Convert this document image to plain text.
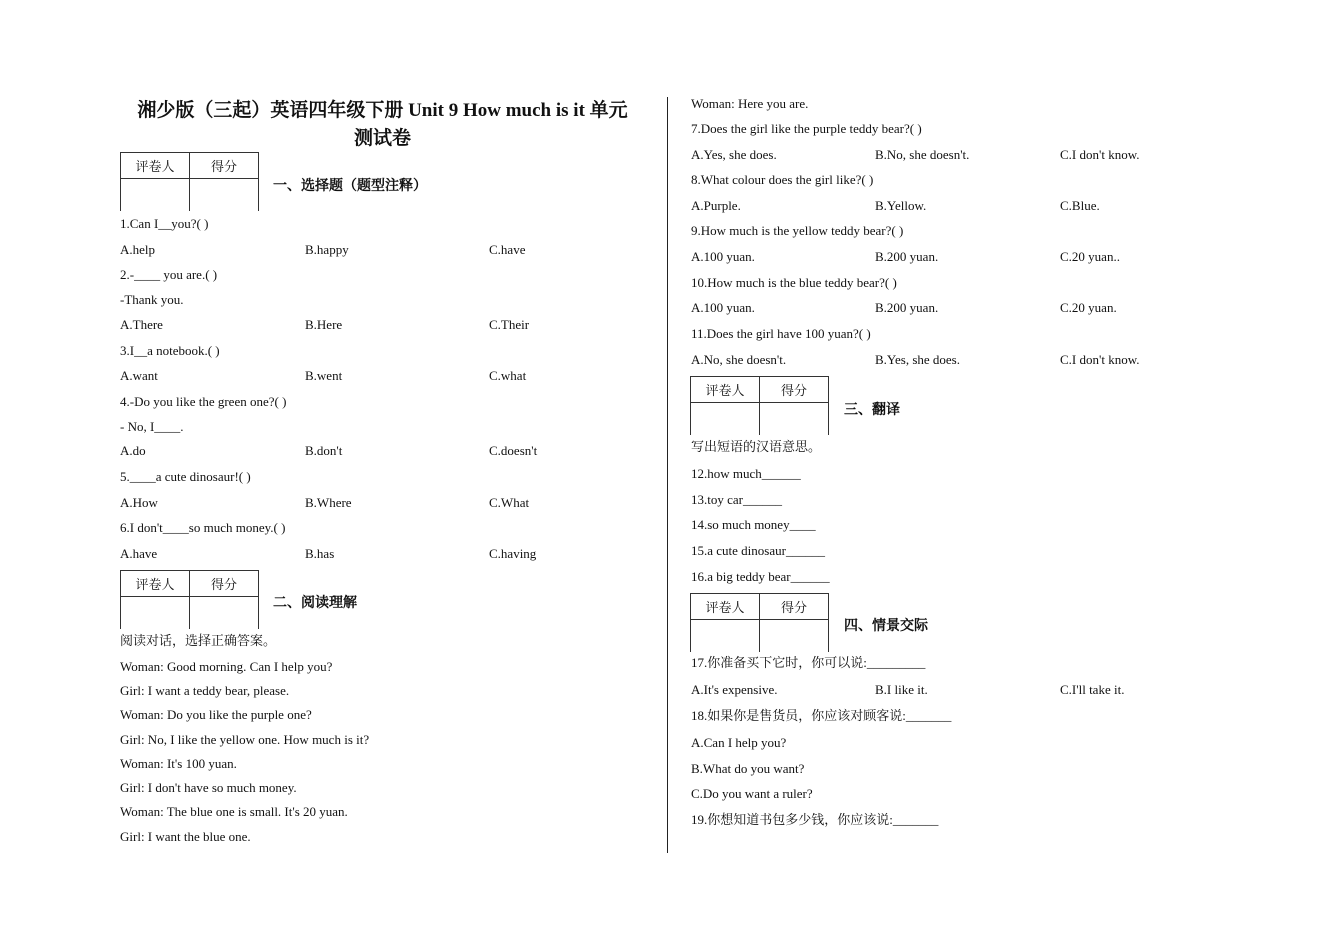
湘少版（三起）英语四年级下册 Unit 9 How much is it 单元
测试卷
评卷人	得分

一、选择题（题型注释）
1.Can I__you?( )
A.help	B.happy	C.have
2.-____ you are.( )
-Thank you.
A.There	B.Here	C.Their
3.I__a notebook.( )
A.want	B.went	C.what
4.-Do you like the green one?( )
- No, I____.
A.do	B.don't	C.doesn't
5.____a cute dinosaur!( )
A.How	B.Where	C.What
6.I don't____so much money.( )
A.have	B.has	C.having
评卷人	得分

二、阅读理解
阅读对话，选择正确答案。
Woman: Good morning. Can I help you?
Girl: I want a teddy bear, please.
Woman: Do you like the purple one?
Girl: No, I like the yellow one. How much is it?
Woman: It's 100 yuan.
Girl: I don't have so much money.
Woman: The blue one is small. It's 20 yuan.
Girl: I want the blue one.
Woman: Here you are.
7.Does the girl like the purple teddy bear?( )
A.Yes, she does.	B.No, she doesn't.	C.I don't know.
8.What colour does the girl like?( )
A.Purple.	B.Yellow.	C.Blue.
9.How much is the yellow teddy bear?( )
A.100 yuan.	B.200 yuan.	C.20 yuan..
10.How much is the blue teddy bear?( )
A.100 yuan.	B.200 yuan.	C.20 yuan.
11.Does the girl have 100 yuan?( )
A.No, she doesn't.	B.Yes, she does.	C.I don't know.
评卷人	得分

三、翻译
写出短语的汉语意思。
12.how much______
13.toy car______
14.so much money____
15.a cute dinosaur______
16.a big teddy bear______
评卷人	得分

四、情景交际
17.你准备买下它时，你可以说:_________
A.It's expensive.	B.I like it.	C.I'll take it.
18.如果你是售货员，你应该对顾客说:_______
A.Can I help you?
B.What do you want?
C.Do you want a ruler?
19.你想知道书包多少钱，你应该说:_______
